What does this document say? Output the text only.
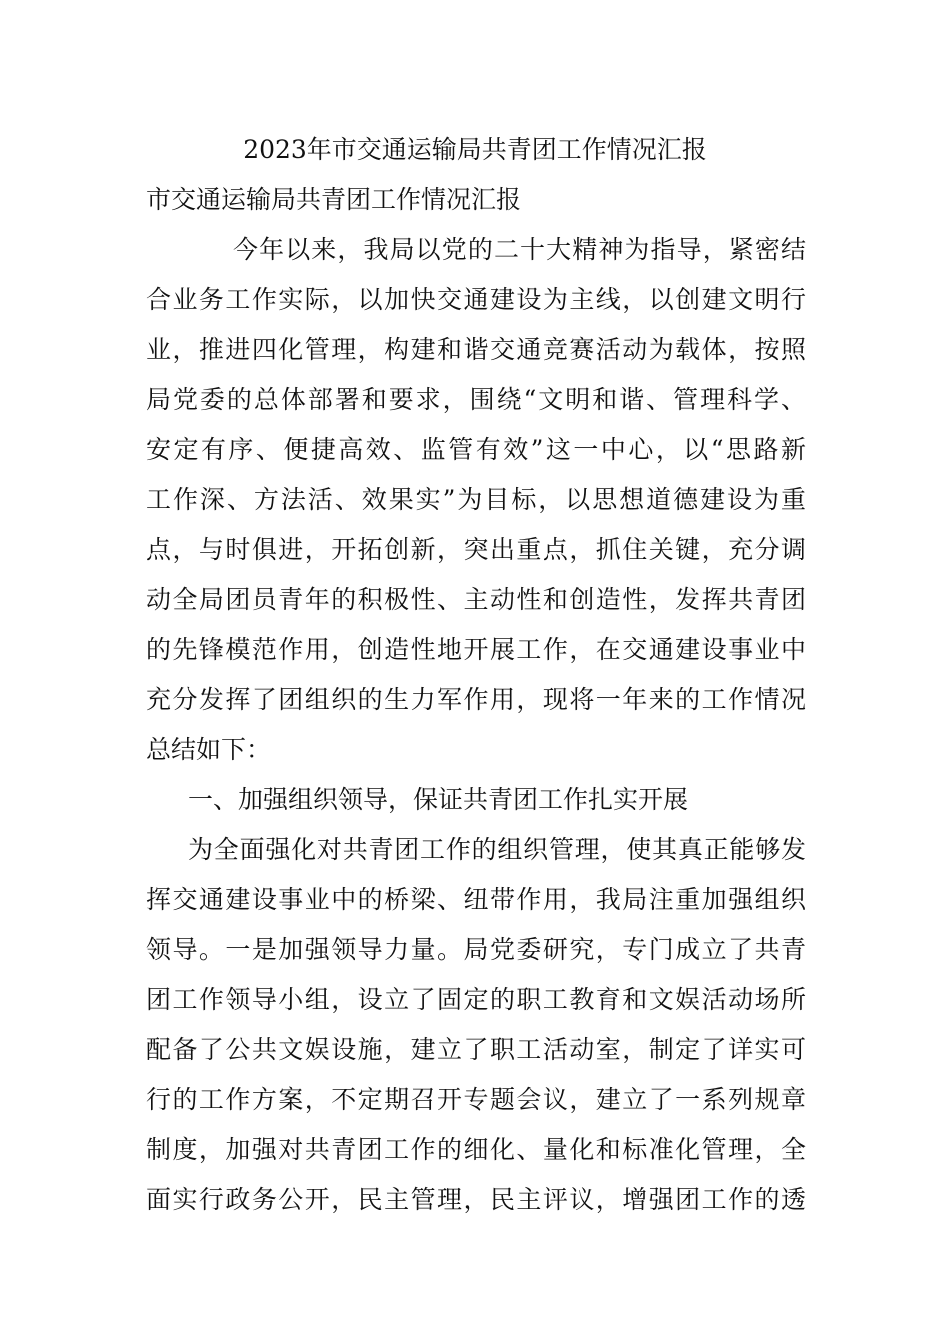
2023年市交通运输局共青团工作情况汇报
市交通运输局共青团工作情况汇报
今年以来，我局以党的二十大精神为指导，紧密结
合业务工作实际，以加快交通建设为主线，以创建文明行
业，推进四化管理，构建和谐交通竞赛活动为载体，按照
局党委的总体部署和要求，围绕“文明和谐、管理科学、
安定有序、便捷高效、监管有效”这一中心，以“思路新
工作深、方法活、效果实”为目标，以思想道德建设为重
点，与时俱进，开拓创新，突出重点，抓住关键，充分调
动全局团员青年的积极性、主动性和创造性，发挥共青团
的先锋模范作用，创造性地开展工作，在交通建设事业中
充分发挥了团组织的生力军作用，现将一年来的工作情况
总结如下：
一、加强组织领导，保证共青团工作扎实开展
为全面强化对共青团工作的组织管理，使其真正能够发
挥交通建设事业中的桥梁、纽带作用，我局注重加强组织
领导。一是加强领导力量。局党委研究，专门成立了共青
团工作领导小组，设立了固定的职工教育和文娱活动场所
配备了公共文娱设施，建立了职工活动室，制定了详实可
行的工作方案，不定期召开专题会议，建立了一系列规章
制度，加强对共青团工作的细化、量化和标准化管理，全
面实行政务公开，民主管理，民主评议，增强团工作的透
